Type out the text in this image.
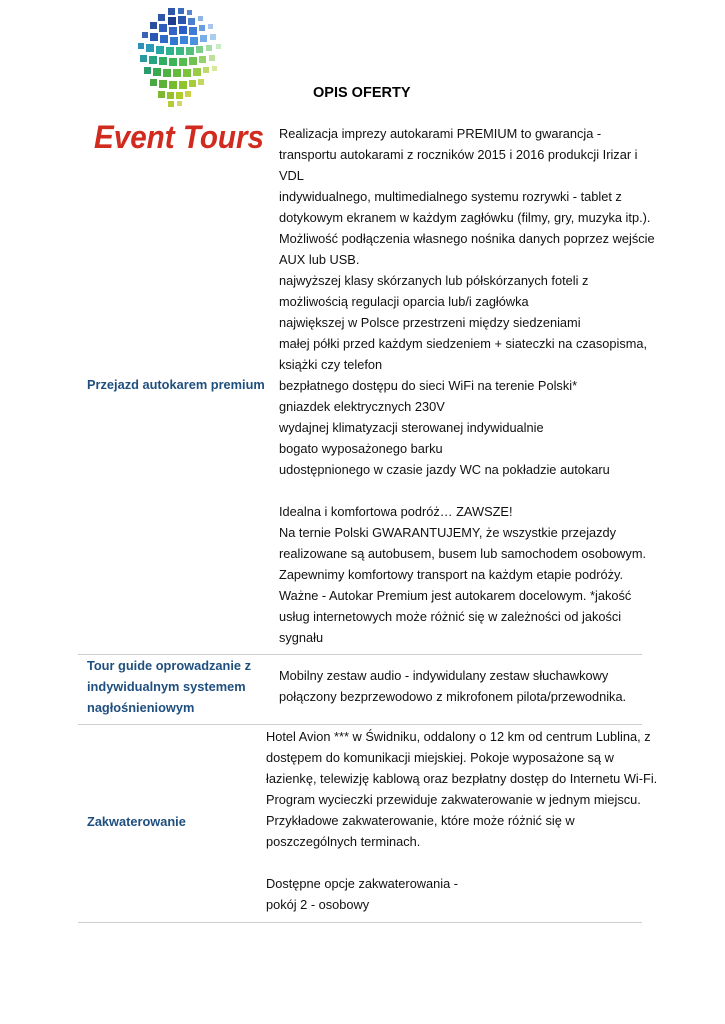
OPIS OFERTY
Event Tours
Przejazd autokarem premium
Realizacja imprezy autokarami PREMIUM to gwarancja -
transportu autokarami z roczników 2015 i 2016 produkcji Irizar i
VDL
indywidualnego, multimedialnego systemu rozrywki - tablet z
dotykowym ekranem w każdym zagłówku (filmy, gry, muzyka itp.).
Możliwość podłączenia własnego nośnika danych poprzez wejście
AUX lub USB.
najwyższej klasy skórzanych lub półskórzanych foteli z
możliwością regulacji oparcia lub/i zagłówka
największej w Polsce przestrzeni między siedzeniami
małej półki przed każdym siedzeniem + siateczki na czasopisma,
książki czy telefon
bezpłatnego dostępu do sieci WiFi na terenie Polski*
gniazdek elektrycznych 230V
wydajnej klimatyzacji sterowanej indywidualnie
bogato wyposażonego barku
udostępnionego w czasie jazdy WC na pokładzie autokaru
Idealna i komfortowa podróż… ZAWSZE!
Na ternie Polski GWARANTUJEMY, że wszystkie przejazdy
realizowane są autobusem, busem lub samochodem osobowym.
Zapewnimy komfortowy transport na każdym etapie podróży.
Ważne - Autokar Premium jest autokarem docelowym. *jakość
usług internetowych może różnić się w zależności od jakości
sygnału
Tour guide oprowadzanie z
indywidualnym systemem
nagłośnieniowym
Mobilny zestaw audio - indywidulany zestaw słuchawkowy
połączony bezprzewodowo z mikrofonem pilota/przewodnika.
Zakwaterowanie
Hotel Avion *** w Świdniku, oddalony o 12 km od centrum Lublina, z
dostępem do komunikacji miejskiej. Pokoje wyposażone są w
łazienkę, telewizję kablową oraz bezpłatny dostęp do Internetu Wi-Fi.
Program wycieczki przewiduje zakwaterowanie w jednym miejscu.
Przykładowe zakwaterowanie, które może różnić się w
poszczególnych terminach.
Dostępne opcje zakwaterowania -
pokój 2 - osobowy
